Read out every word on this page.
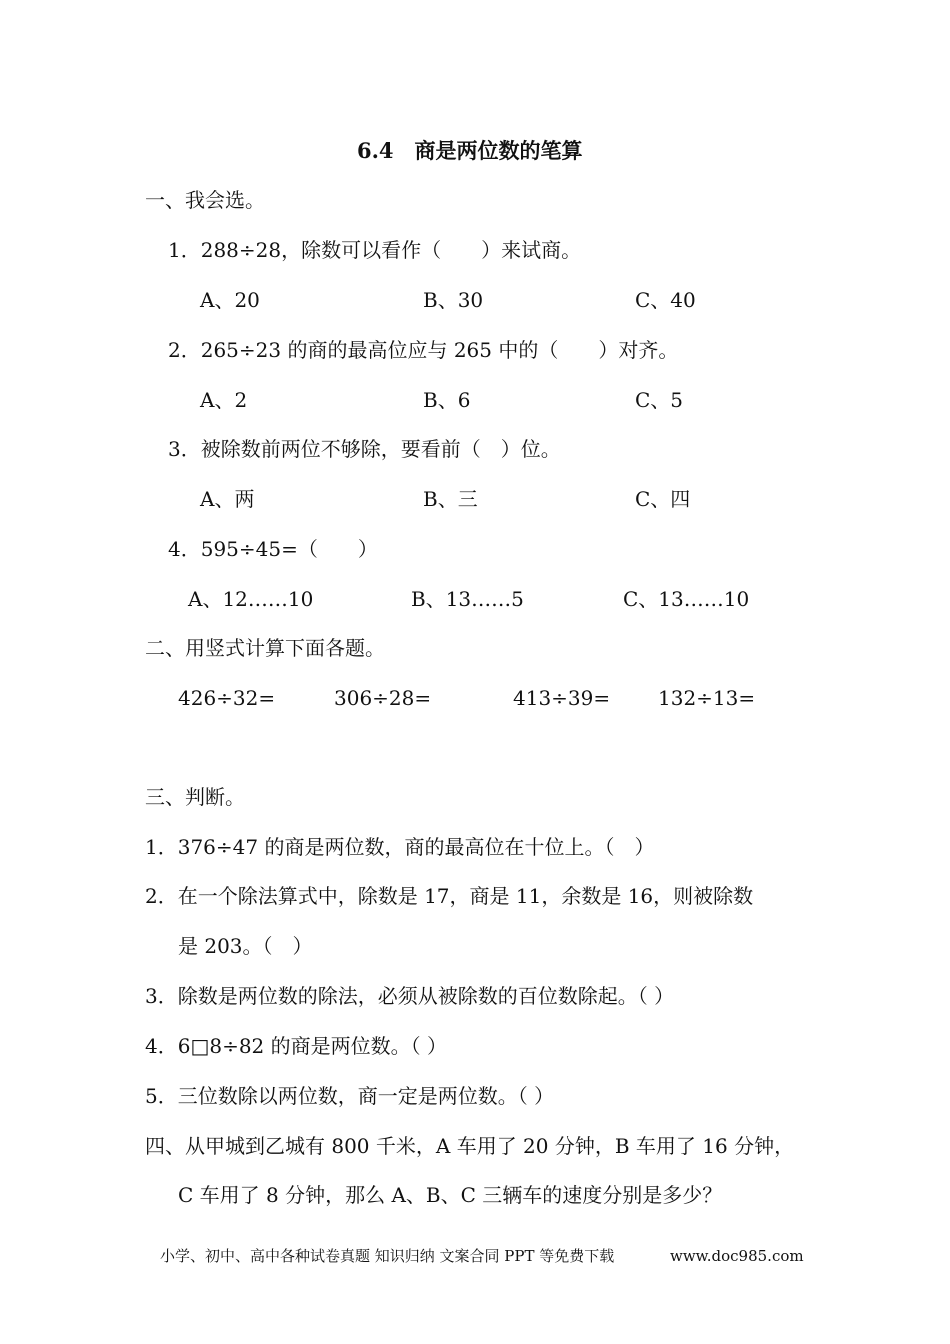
6.4　商是两位数的笔算
一、我会选。
1．288÷28，除数可以看作（　　）来试商。
A、20	B、30	C、40
2．265÷23 的商的最高位应与 265 中的（　　）对齐。
A、2	B、6	C、5
3．被除数前两位不够除，要看前（　）位。
A、两	B、三	C、四
4．595÷45=（　　）
A、12……10	B、13……5	C、13……10
二、用竖式计算下面各题。
426÷32=	306÷28=	413÷39= 132÷13=
三、判断。
1．376÷47 的商是两位数，商的最高位在十位上。（　）
2．在一个除法算式中，除数是 17，商是 11，余数是 16，则被除数
是 203。（　）
3．除数是两位数的除法，必须从被除数的百位数除起。（ ）
4．6□8÷82 的商是两位数。（ ）
5．三位数除以两位数，商一定是两位数。（ ）
四、从甲城到乙城有 800 千米，A 车用了 20 分钟，B 车用了 16 分钟，
C 车用了 8 分钟，那么 A、B、C 三辆车的速度分别是多少？
小学、初中、高中各种试卷真题 知识归纳 文案合同 PPT 等免费下载	www.doc985.com
